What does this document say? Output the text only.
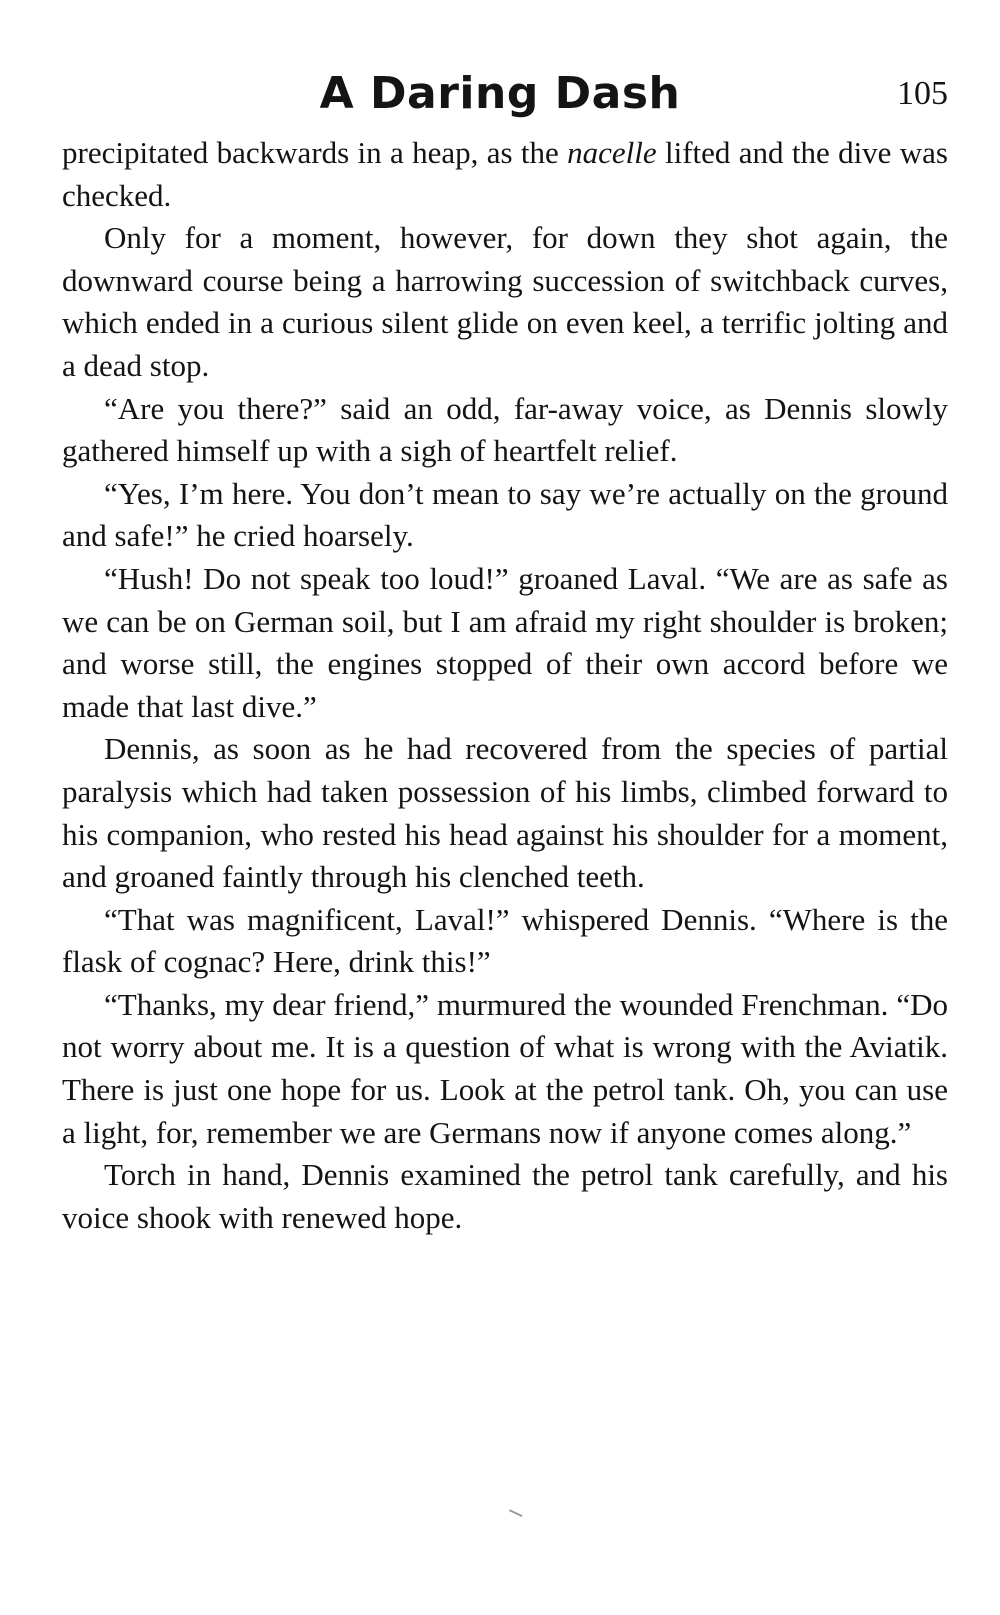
A Daring Dash	105

precipitated backwards in a heap, as the nacelle lifted and the dive was checked.

Only for a moment, however, for down they shot again, the downward course being a harrowing succession of switchback curves, which ended in a curious silent glide on even keel, a terrific jolting and a dead stop.

“Are you there?” said an odd, far-away voice, as Dennis slowly gathered himself up with a sigh of heartfelt relief.

“Yes, I’m here. You don’t mean to say we’re actually on the ground and safe!” he cried hoarsely.

“Hush! Do not speak too loud!” groaned Laval. “We are as safe as we can be on German soil, but I am afraid my right shoulder is broken; and worse still, the engines stopped of their own accord before we made that last dive.”

Dennis, as soon as he had recovered from the species of partial paralysis which had taken possession of his limbs, climbed forward to his companion, who rested his head against his shoulder for a moment, and groaned faintly through his clenched teeth.

“That was magnificent, Laval!” whispered Dennis. “Where is the flask of cognac? Here, drink this!”

“Thanks, my dear friend,” murmured the wounded Frenchman. “Do not worry about me. It is a question of what is wrong with the Aviatik. There is just one hope for us. Look at the petrol tank. Oh, you can use a light, for, remember we are Germans now if anyone comes along.”

Torch in hand, Dennis examined the petrol tank carefully, and his voice shook with renewed hope.
